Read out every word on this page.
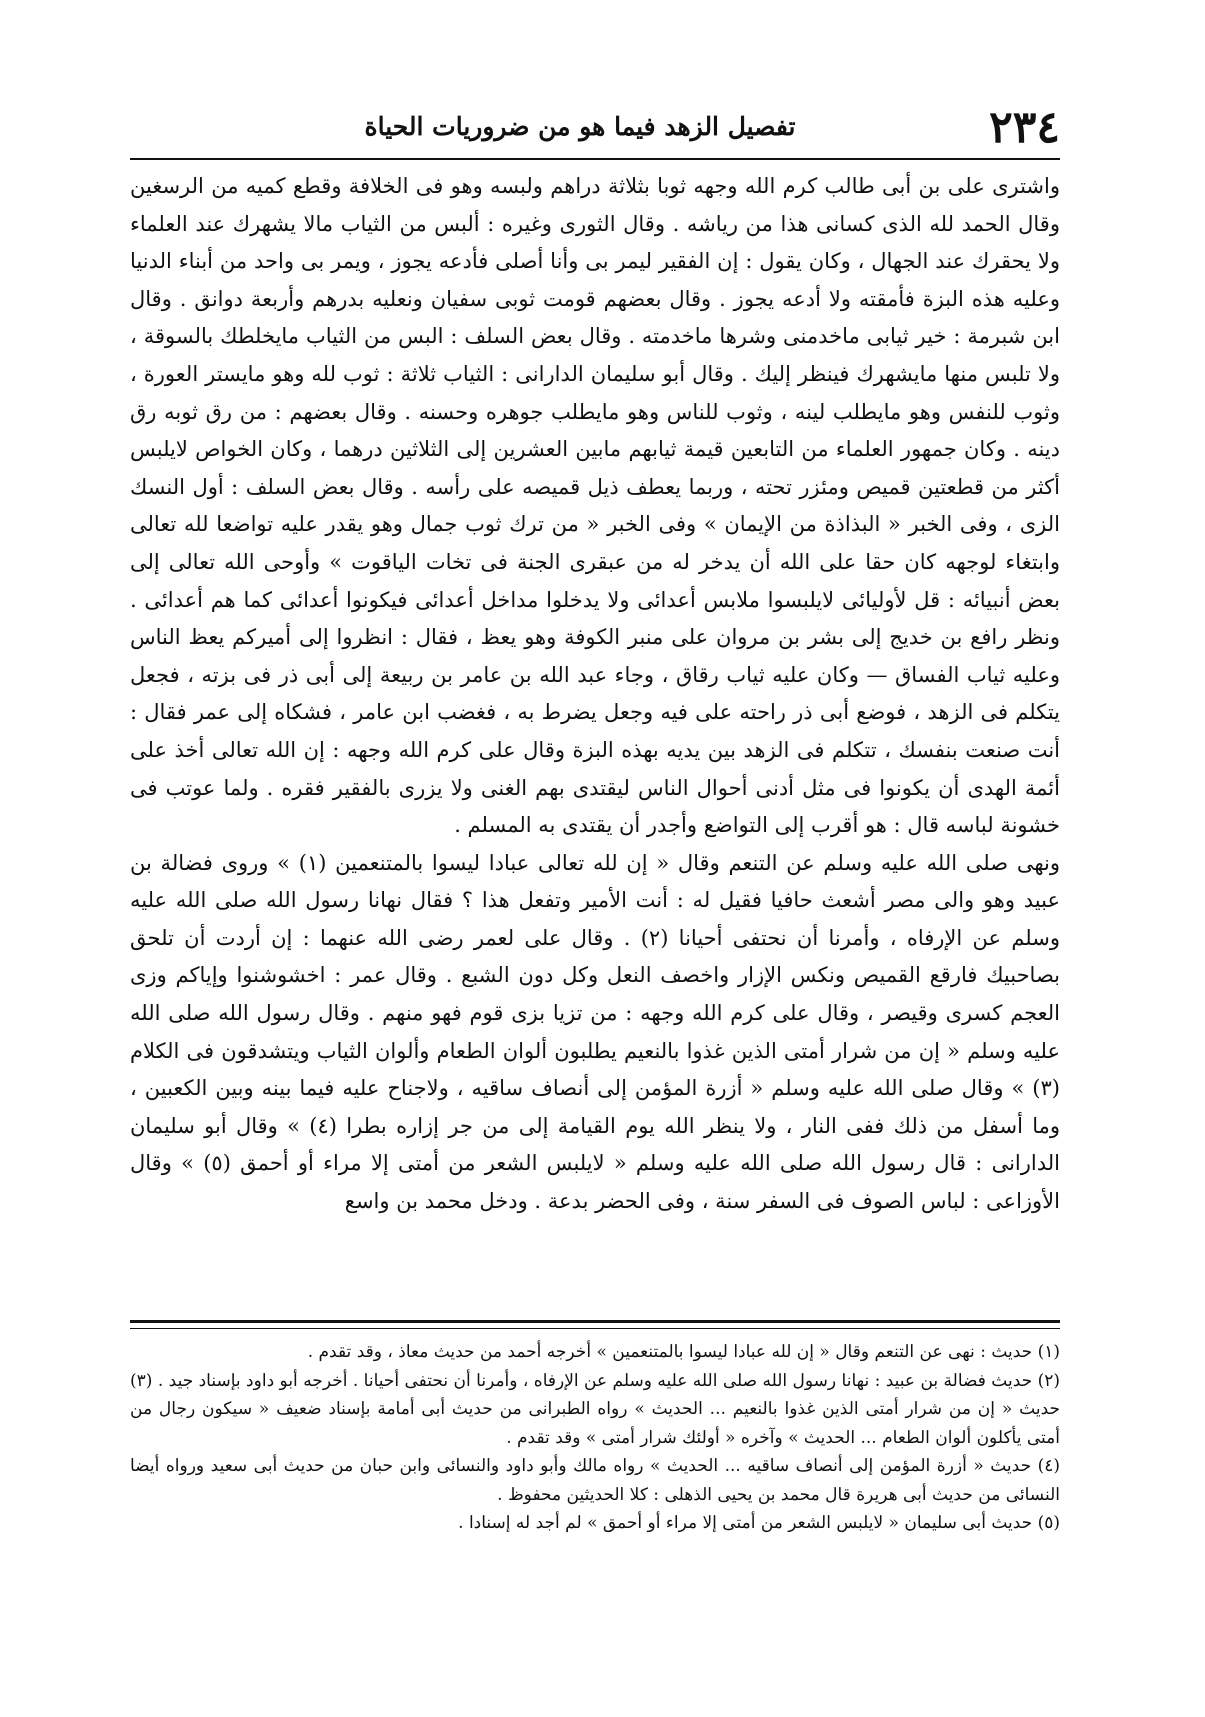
٢٣٤
تفصيل الزهد فيما هو من ضروريات الحياة

واشترى على بن أبى طالب كرم الله وجهه ثوبا بثلاثة دراهم ولبسه وهو فى الخلافة وقطع كميه من الرسغين وقال الحمد لله الذى كسانى هذا من رياشه . وقال الثورى وغيره : ألبس من الثياب مالا يشهرك عند العلماء ولا يحقرك عند الجهال ، وكان يقول : إن الفقير ليمر بى وأنا أصلى فأدعه يجوز ، ويمر بى واحد من أبناء الدنيا وعليه هذه البزة فأمقته ولا أدعه يجوز . وقال بعضهم قومت ثوبى سفيان ونعليه بدرهم وأربعة دوانق . وقال ابن شبرمة : خير ثيابى ماخدمنى وشرها ماخدمته . وقال بعض السلف : البس من الثياب مايخلطك بالسوقة ، ولا تلبس منها مايشهرك فينظر إليك . وقال أبو سليمان الدارانى : الثياب ثلاثة : ثوب لله وهو مايستر العورة ، وثوب للنفس وهو مايطلب لينه ، وثوب للناس وهو مايطلب جوهره وحسنه . وقال بعضهم : من رق ثوبه رق دينه . وكان جمهور العلماء من التابعين قيمة ثيابهم مابين العشرين إلى الثلاثين درهما ، وكان الخواص لايلبس أكثر من قطعتين قميص ومئزر تحته ، وربما يعطف ذيل قميصه على رأسه . وقال بعض السلف : أول النسك الزى ، وفى الخبر « البذاذة من الإيمان » وفى الخبر « من ترك ثوب جمال وهو يقدر عليه تواضعا لله تعالى وابتغاء لوجهه كان حقا على الله أن يدخر له من عبقرى الجنة فى تخات الياقوت » وأوحى الله تعالى إلى بعض أنبيائه : قل لأوليائى لايلبسوا ملابس أعدائى ولا يدخلوا مداخل أعدائى فيكونوا أعدائى كما هم أعدائى . ونظر رافع بن خديج إلى بشر بن مروان على منبر الكوفة وهو يعظ ، فقال : انظروا إلى أميركم يعظ الناس وعليه ثياب الفساق — وكان عليه ثياب رقاق ، وجاء عبد الله بن عامر بن ربيعة إلى أبى ذر فى بزته ، فجعل يتكلم فى الزهد ، فوضع أبى ذر راحته على فيه وجعل يضرط به ، فغضب ابن عامر ، فشكاه إلى عمر فقال : أنت صنعت بنفسك ، تتكلم فى الزهد بين يديه بهذه البزة وقال على كرم الله وجهه : إن الله تعالى أخذ على أئمة الهدى أن يكونوا فى مثل أدنى أحوال الناس ليقتدى بهم الغنى ولا يزرى بالفقير فقره . ولما عوتب فى خشونة لباسه قال : هو أقرب إلى التواضع وأجدر أن يقتدى به المسلم .

ونهى صلى الله عليه وسلم عن التنعم وقال « إن لله تعالى عبادا ليسوا بالمتنعمين (١) » وروى فضالة بن عبيد وهو والى مصر أشعث حافيا فقيل له : أنت الأمير وتفعل هذا ؟ فقال نهانا رسول الله صلى الله عليه وسلم عن الإرفاه ، وأمرنا أن نحتفى أحيانا (٢) . وقال على لعمر رضى الله عنهما : إن أردت أن تلحق بصاحبيك فارقع القميص ونكس الإزار واخصف النعل وكل دون الشبع . وقال عمر : اخشوشنوا وإياكم وزى العجم كسرى وقيصر ، وقال على كرم الله وجهه : من تزيا بزى قوم فهو منهم . وقال رسول الله صلى الله عليه وسلم « إن من شرار أمتى الذين غذوا بالنعيم يطلبون ألوان الطعام وألوان الثياب ويتشدقون فى الكلام (٣) » وقال صلى الله عليه وسلم « أزرة المؤمن إلى أنصاف ساقيه ، ولاجناح عليه فيما بينه وبين الكعبين ، وما أسفل من ذلك ففى النار ، ولا ينظر الله يوم القيامة إلى من جر إزاره بطرا (٤) » وقال أبو سليمان الدارانى : قال رسول الله صلى الله عليه وسلم « لايلبس الشعر من أمتى إلا مراء أو أحمق (٥) » وقال الأوزاعى : لباس الصوف فى السفر سنة ، وفى الحضر بدعة . ودخل محمد بن واسع

(١) حديث : نهى عن التنعم وقال « إن لله عبادا ليسوا بالمتنعمين » أخرجه أحمد من حديث معاذ ، وقد تقدم .

(٢) حديث فضالة بن عبيد : نهانا رسول الله صلى الله عليه وسلم عن الإرفاه ، وأمرنا أن نحتفى أحيانا . أخرجه أبو داود بإسناد جيد . (٣) حديث « إن من شرار أمتى الذين غذوا بالنعيم ... الحديث » رواه الطبرانى من حديث أبى أمامة بإسناد ضعيف « سيكون رجال من أمتى يأكلون ألوان الطعام ... الحديث » وآخره « أولئك شرار أمتى » وقد تقدم .

(٤) حديث « أزرة المؤمن إلى أنصاف ساقيه ... الحديث » رواه مالك وأبو داود والنسائى وابن حبان من حديث أبى سعيد ورواه أيضا النسائى من حديث أبى هريرة قال محمد بن يحيى الذهلى : كلا الحديثين محفوظ .

(٥) حديث أبى سليمان « لايلبس الشعر من أمتى إلا مراء أو أحمق » لم أجد له إسنادا .
